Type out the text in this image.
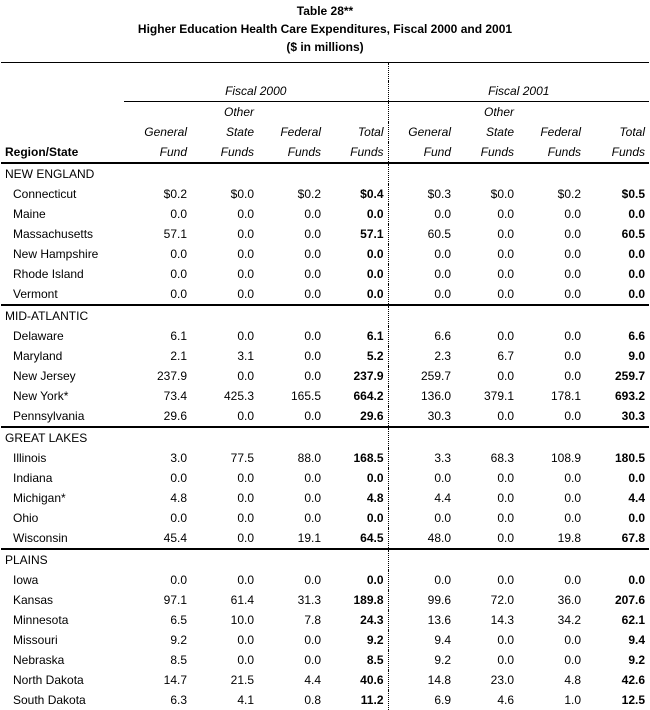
Table 28**
Higher Education Health Care Expenditures, Fiscal 2000 and 2001
($ in millions)

	Fiscal 2000				Fiscal 2001			
		Other				Other		
	General	State	Federal	Total	General	State	Federal	Total
Region/State	Fund	Funds	Funds	Funds	Fund	Funds	Funds	Funds
NEW ENGLAND								
Connecticut	$0.2	$0.0	$0.2	$0.4	$0.3	$0.0	$0.2	$0.5
Maine	0.0	0.0	0.0	0.0	0.0	0.0	0.0	0.0
Massachusetts	57.1	0.0	0.0	57.1	60.5	0.0	0.0	60.5
New Hampshire	0.0	0.0	0.0	0.0	0.0	0.0	0.0	0.0
Rhode Island	0.0	0.0	0.0	0.0	0.0	0.0	0.0	0.0
Vermont	0.0	0.0	0.0	0.0	0.0	0.0	0.0	0.0
MID-ATLANTIC								
Delaware	6.1	0.0	0.0	6.1	6.6	0.0	0.0	6.6
Maryland	2.1	3.1	0.0	5.2	2.3	6.7	0.0	9.0
New Jersey	237.9	0.0	0.0	237.9	259.7	0.0	0.0	259.7
New York*	73.4	425.3	165.5	664.2	136.0	379.1	178.1	693.2
Pennsylvania	29.6	0.0	0.0	29.6	30.3	0.0	0.0	30.3
GREAT LAKES								
Illinois	3.0	77.5	88.0	168.5	3.3	68.3	108.9	180.5
Indiana	0.0	0.0	0.0	0.0	0.0	0.0	0.0	0.0
Michigan*	4.8	0.0	0.0	4.8	4.4	0.0	0.0	4.4
Ohio	0.0	0.0	0.0	0.0	0.0	0.0	0.0	0.0
Wisconsin	45.4	0.0	19.1	64.5	48.0	0.0	19.8	67.8
PLAINS								
Iowa	0.0	0.0	0.0	0.0	0.0	0.0	0.0	0.0
Kansas	97.1	61.4	31.3	189.8	99.6	72.0	36.0	207.6
Minnesota	6.5	10.0	7.8	24.3	13.6	14.3	34.2	62.1
Missouri	9.2	0.0	0.0	9.2	9.4	0.0	0.0	9.4
Nebraska	8.5	0.0	0.0	8.5	9.2	0.0	0.0	9.2
North Dakota	14.7	21.5	4.4	40.6	14.8	23.0	4.8	42.6
South Dakota	6.3	4.1	0.8	11.2	6.9	4.6	1.0	12.5
